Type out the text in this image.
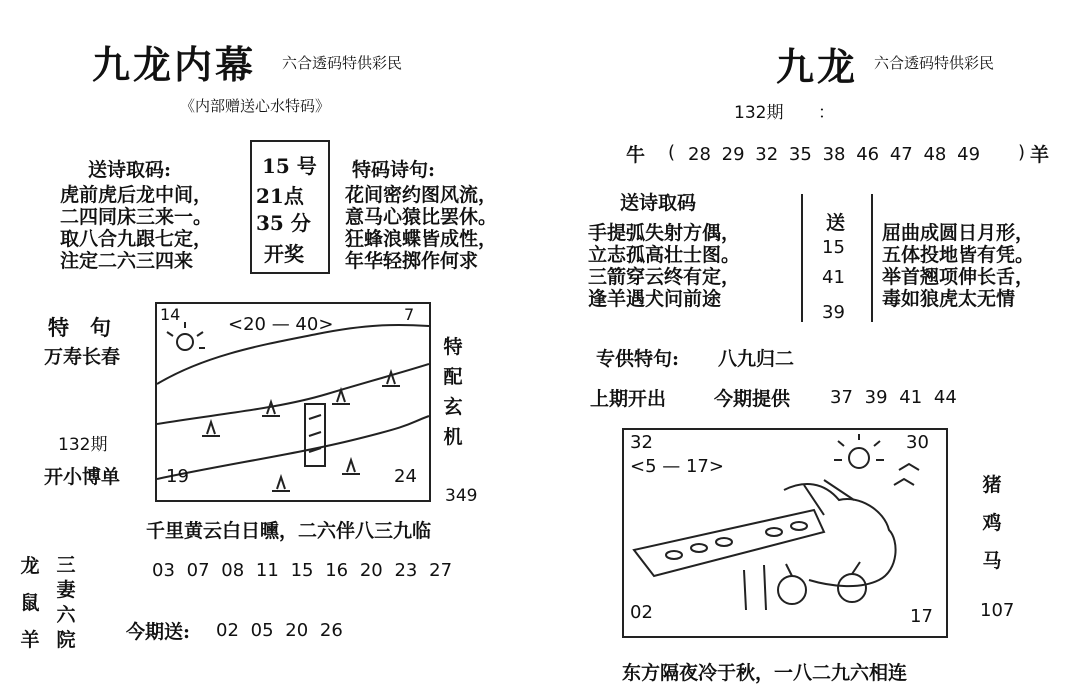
九龙内幕 六合透码特供彩民
《内部赠送心水特码》
送诗取码:
虎前虎后龙中间，
二四同床三来一。
取八合九跟七定，
注定二六三四来
15 号
21点
35 分
开奖
特码诗句:
花间密约图风流，
意马心猿比罢休。
狂蜂浪蝶皆成性，
年华轻掷作何求
特　句
万寿长春
132期
开小博单
14	<20 — 40>	7
19	24
特配玄机
349
千里黄云白日曛，二六伴八三九临
龙
鼠
羊
三
妻
六
院
03 07 08 11 15 16 20 23 27
今期送: 02 05 20 26
九龙 六合透码特供彩民
132期 ：
牛 ( 28 29 32 35 38 46 47 48 49 ) 羊
送诗取码
手提弧失射方偶，
立志孤高壮士图。
三箭穿云终有定，
逢羊遇犬问前途
送
15
41
39
屈曲成圆日月形，
五体投地皆有凭。
举首翘项伸长舌，
毒如狼虎太无情
专供特句: 八九归二
上期开出	今期提供 37 39 41 44
32
<5 — 17>
30
02	17
猪
鸡
马
107
东方隔夜冷于秋，一八二九六相连
